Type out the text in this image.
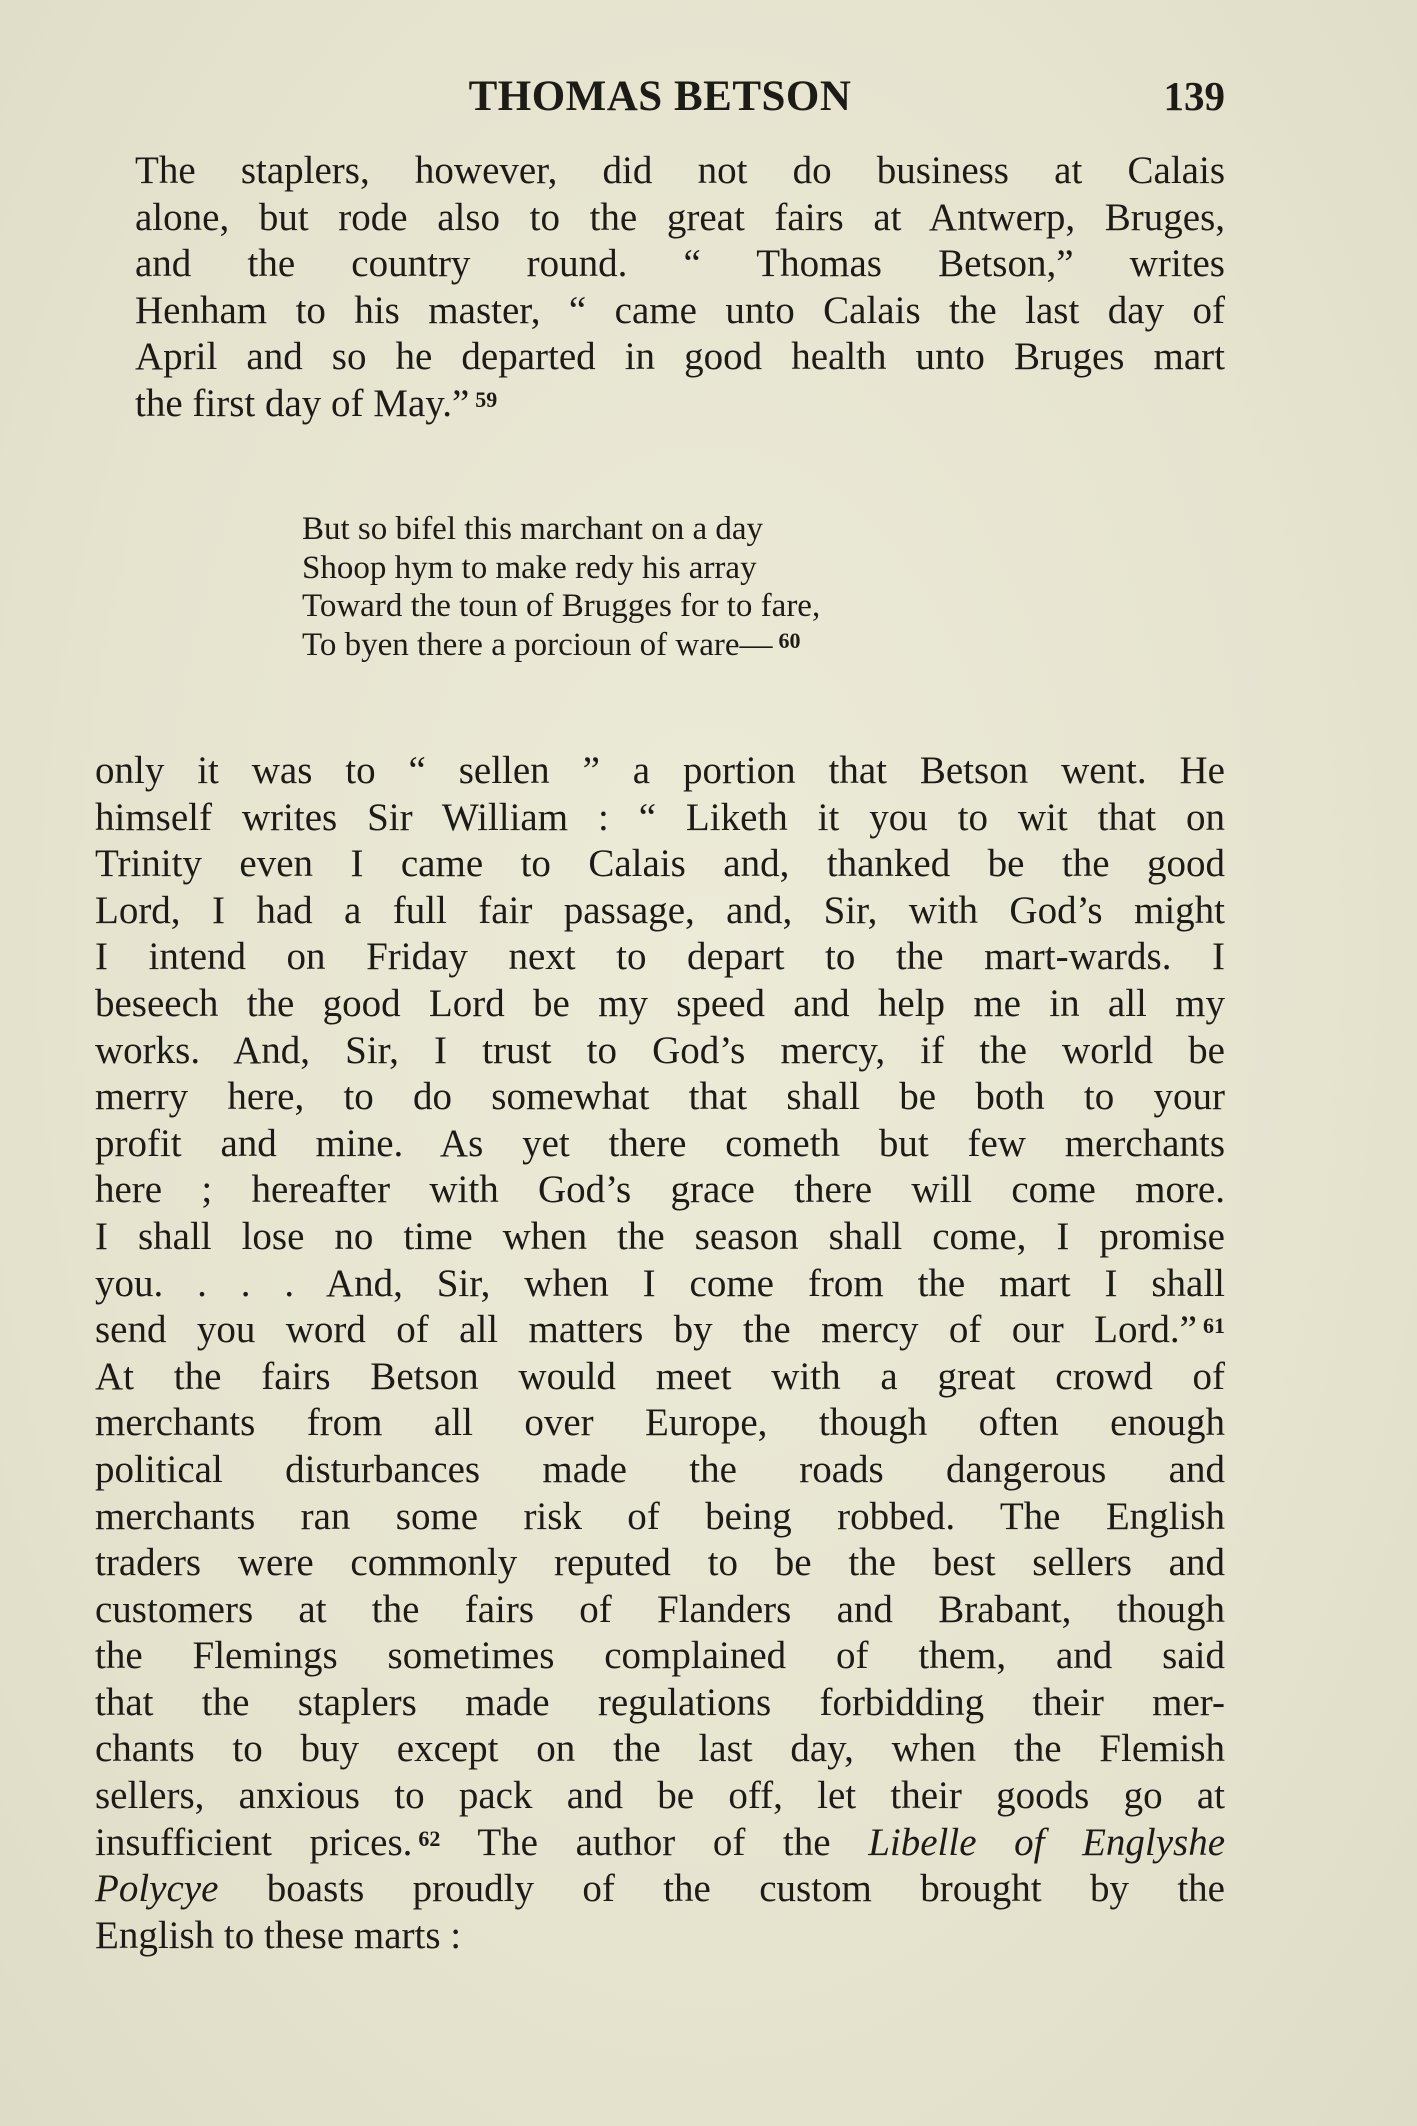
THOMAS BETSON	139
The staplers, however, did not do business at Calais
alone, but rode also to the great fairs at Antwerp, Bruges,
and the country round. “ Thomas Betson,” writes
Henham to his master, “ came unto Calais the last day of
April and so he departed in good health unto Bruges mart
the first day of May.” $^{59}$
But so bifel this marchant on a day
Shoop hym to make redy his array
Toward the toun of Brugges for to fare,
To byen there a porcioun of ware— $^{60}$
only it was to “ sellen ” a portion that Betson went. He
himself writes Sir William : “ Liketh it you to wit that on
Trinity even I came to Calais and, thanked be the good
Lord, I had a full fair passage, and, Sir, with God’s might
I intend on Friday next to depart to the mart-wards. I
beseech the good Lord be my speed and help me in all my
works. And, Sir, I trust to God’s mercy, if the world be
merry here, to do somewhat that shall be both to your
profit and mine. As yet there cometh but few merchants
here ; hereafter with God’s grace there will come more.
I shall lose no time when the season shall come, I promise
you. . . . And, Sir, when I come from the mart I shall
send you word of all matters by the mercy of our Lord.” $^{61}$
At the fairs Betson would meet with a great crowd of
merchants from all over Europe, though often enough
political disturbances made the roads dangerous and
merchants ran some risk of being robbed. The English
traders were commonly reputed to be the best sellers and
customers at the fairs of Flanders and Brabant, though
the Flemings sometimes complained of them, and said
that the staplers made regulations forbidding their mer-
chants to buy except on the last day, when the Flemish
sellers, anxious to pack and be off, let their goods go at
insufficient prices. $^{62}$ The author of the Libelle of Englyshe
Polycye boasts proudly of the custom brought by the
English to these marts :
